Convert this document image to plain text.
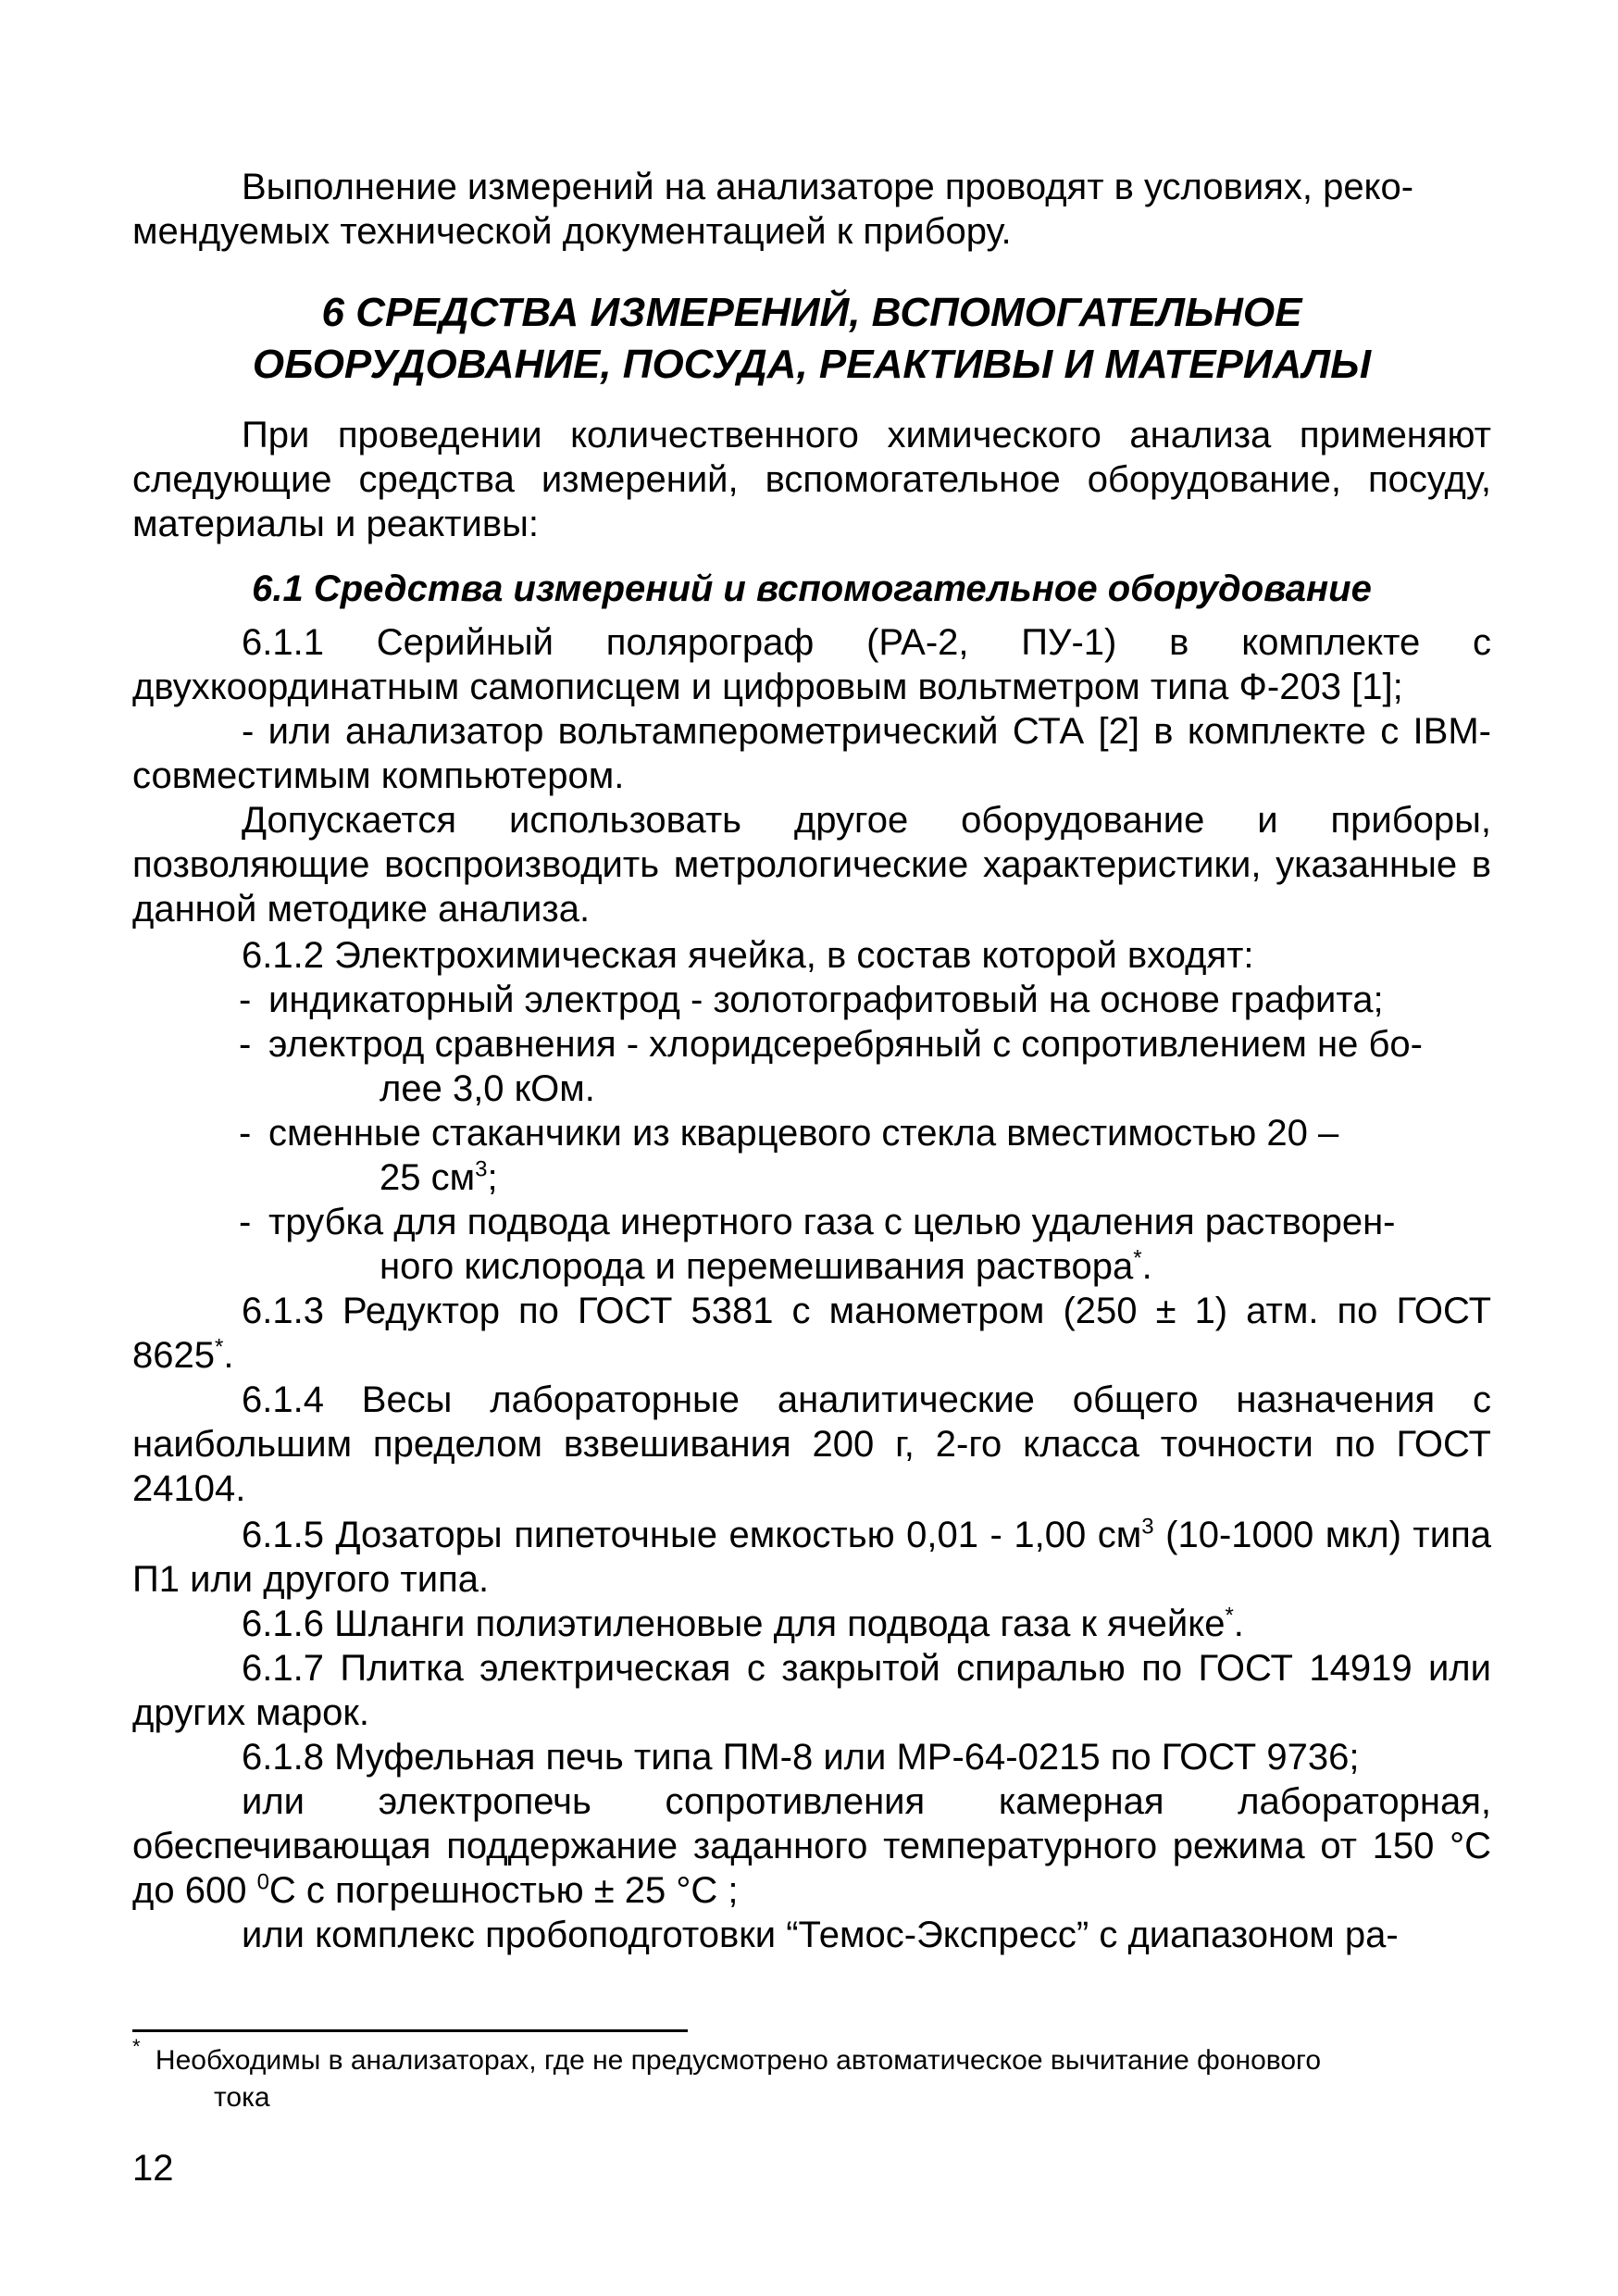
Выполнение измерений на анализаторе проводят в условиях, реко-
мендуемых технической документацией к прибору.

6 СРЕДСТВА ИЗМЕРЕНИЙ, ВСПОМОГАТЕЛЬНОЕ
ОБОРУДОВАНИЕ, ПОСУДА, РЕАКТИВЫ И МАТЕРИАЛЫ

При проведении количественного химического анализа применяют следующие средства измерений, вспомогательное оборудование, посуду, материалы и реактивы:

6.1 Средства измерений и вспомогательное оборудование

6.1.1 Серийный полярограф (PA-2, ПУ-1) в комплекте с двухкоординатным самописцем и цифровым вольтметром типа Ф-203 [1];

- или анализатор вольтамперометрический СТА [2] в комплекте с IBM-совместимым компьютером.

Допускается использовать другое оборудование и приборы, позволяющие воспроизводить метрологические характеристики, указанные в данной методике анализа.

6.1.2 Электрохимическая ячейка, в состав которой входят:

- индикаторный электрод - золотографитовый на основе графита;
- электрод сравнения - хлоридсеребряный с сопротивлением не бо-
лее 3,0 кОм.
- сменные стаканчики из кварцевого стекла вместимостью 20 –
25 $см^3$;
- трубка для подвода инертного газа с целью удаления растворен-
ного кислорода и перемешивания раствора*.

6.1.3 Редуктор по ГОСТ 5381 с манометром (250 ± 1) атм. по ГОСТ 8625*.

6.1.4 Весы лабораторные аналитические общего назначения с наибольшим пределом взвешивания 200 г, 2-го класса точности по ГОСТ 24104.

6.1.5 Дозаторы пипеточные емкостью 0,01 - 1,00 $см^3$ (10-1000 мкл) типа П1 или другого типа.

6.1.6 Шланги полиэтиленовые для подвода газа к ячейке*.

6.1.7 Плитка электрическая с закрытой спиралью по ГОСТ 14919 или других марок.

6.1.8 Муфельная печь типа ПМ-8 или МР-64-0215 по ГОСТ 9736;

или электропечь сопротивления камерная лабораторная, обеспечивающая поддержание заданного температурного режима от 150 °С до 600 $^0$С с погрешностью ± 25 °С ;

или комплекс пробоподготовки “Темос-Экспресс” с диапазоном ра-

* Необходимы в анализаторах, где не предусмотрено автоматическое вычитание фонового
тока

12
